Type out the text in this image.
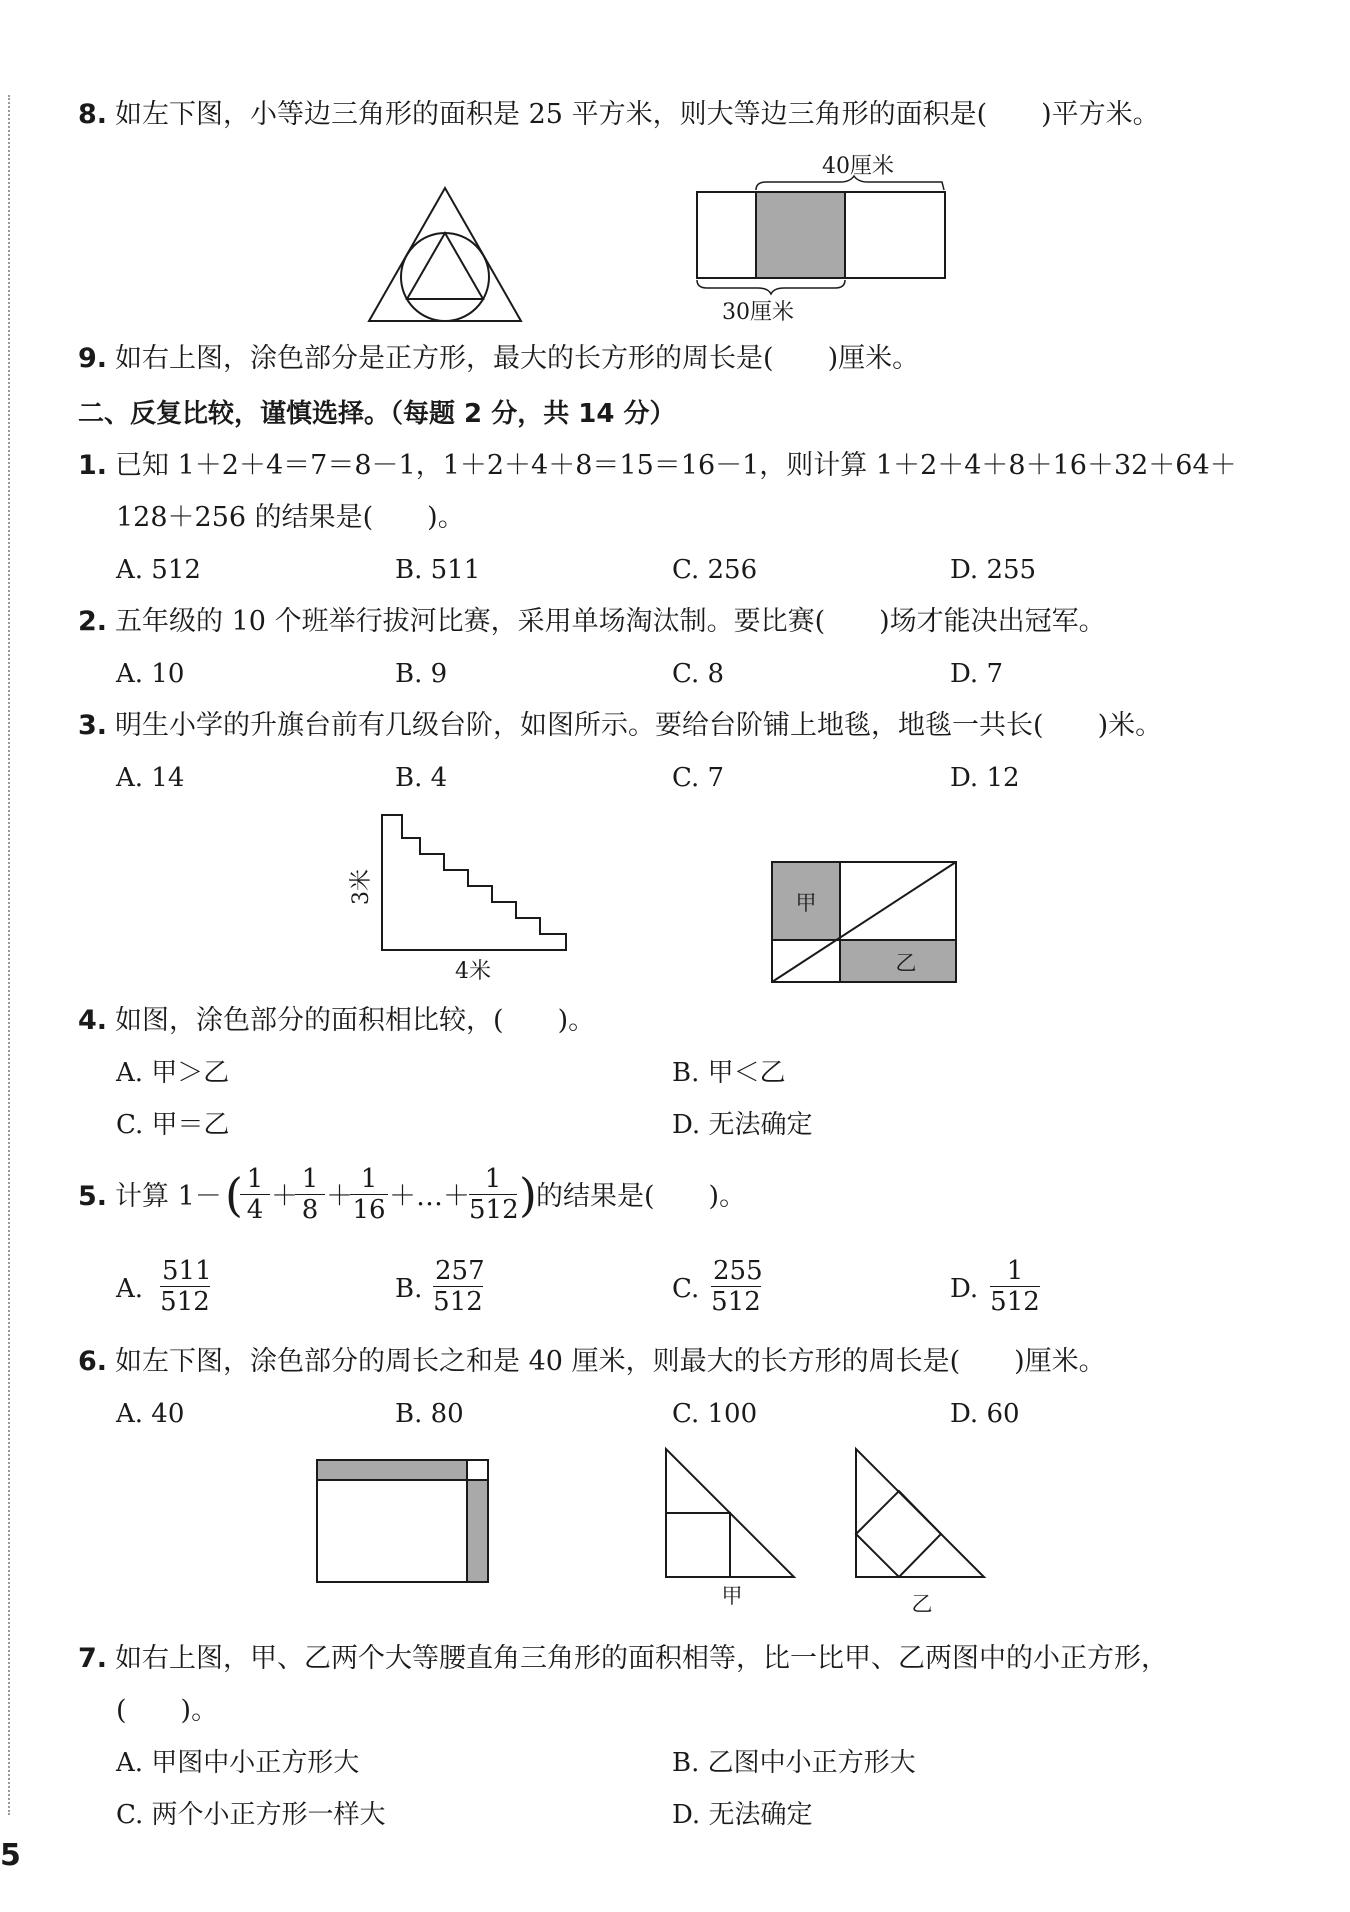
8. 如左下图，小等边三角形的面积是 25 平方米，则大等边三角形的面积是(　　)平方米。
40厘米
30厘米
9. 如右上图，涂色部分是正方形，最大的长方形的周长是(　　)厘米。
二、反复比较，谨慎选择。（每题 2 分，共 14 分）
1. 已知 1＋2＋4＝7＝8－1，1＋2＋4＋8＝15＝16－1，则计算 1＋2＋4＋8＋16＋32＋64＋
128＋256 的结果是(　　)。
A. 512	B. 511	C. 256	D. 255
2. 五年级的 10 个班举行拔河比赛，采用单场淘汰制。要比赛(　　)场才能决出冠军。
A. 10	B. 9	C. 8	D. 7
3. 明生小学的升旗台前有几级台阶，如图所示。要给台阶铺上地毯，地毯一共长(　　)米。
A. 14	B. 4	C. 7	D. 12
3米
4米
甲
乙
4. 如图，涂色部分的面积相比较，(　　)。
A. 甲＞乙	B. 甲＜乙
C. 甲＝乙	D. 无法确定
5. 计算 1－ (
$\frac{1}{4}$ ＋
$\frac{1}{8}$ ＋
$\frac{1}{16}$ ＋…＋ $\frac{1}{512}$ ) 的结果是(　　)。
A. $\frac{511}{512}$	B. $\frac{257}{512}$	C. $\frac{255}{512}$	D. $\frac{1}{512}$
6. 如左下图，涂色部分的周长之和是 40 厘米，则最大的长方形的周长是(　　)厘米。
A. 40	B. 80	C. 100	D. 60
甲	乙
7. 如右上图，甲、乙两个大等腰直角三角形的面积相等，比一比甲、乙两图中的小正方形，
(　　)。
A. 甲图中小正方形大	B. 乙图中小正方形大
C. 两个小正方形一样大	D. 无法确定
5
